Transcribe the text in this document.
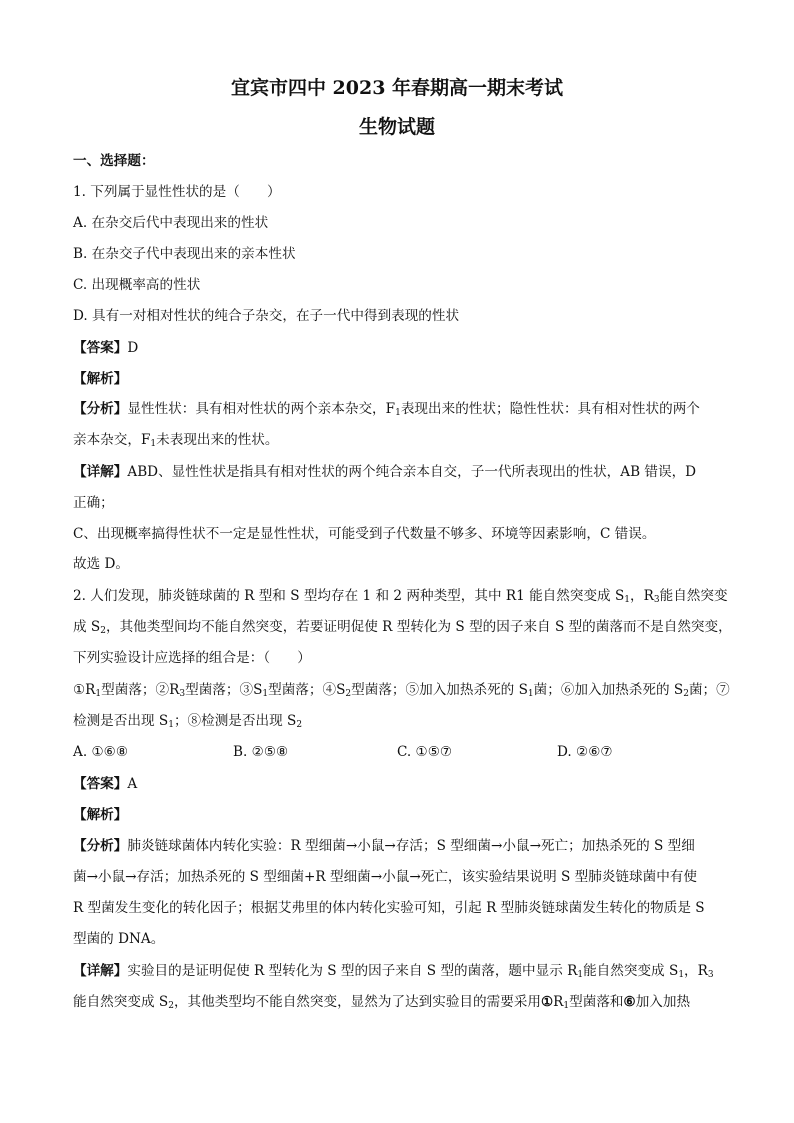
宜宾市四中 2023 年春期高一期末考试
生物试题
一、选择题：
1. 下列属于显性性状的是（　　）
A. 在杂交后代中表现出来的性状
B. 在杂交子代中表现出来的亲本性状
C. 出现概率高的性状
D. 具有一对相对性状的纯合子杂交，在子一代中得到表现的性状
【答案】D
【解析】
【分析】显性性状：具有相对性状的两个亲本杂交，$F_1$表现出来的性状；隐性性状：具有相对性状的两个
亲本杂交，$F_1$未表现出来的性状。
【详解】ABD、显性性状是指具有相对性状的两个纯合亲本自交，子一代所表现出的性状，AB 错误，D
正确；
C、出现概率搞得性状不一定是显性性状，可能受到子代数量不够多、环境等因素影响，C 错误。
故选 D。
2. 人们发现，肺炎链球菌的 R 型和 S 型均存在 1 和 2 两种类型，其中 R1 能自然突变成 $S_1$，$R_3$能自然突变
成 $S_2$，其他类型间均不能自然突变，若要证明促使 R 型转化为 S 型的因子来自 S 型的菌落而不是自然突变，
下列实验设计应选择的组合是：（　　）
$①R_1$型菌落；$②R_3$型菌落；$③S_1$型菌落；$④S_2$型菌落；⑤加入加热杀死的 $S_1$菌；⑥加入加热杀死的 $S_2$菌；⑦
检测是否出现 $S_1$；⑧检测是否出现 $S_2$
A. ①⑥⑧	B. ②⑤⑧	C. ①⑤⑦	D. ②⑥⑦
【答案】A
【解析】
【分析】肺炎链球菌体内转化实验：R 型细菌→小鼠→存活；S 型细菌→小鼠→死亡；加热杀死的 S 型细
菌→小鼠→存活；加热杀死的 S 型细菌+R 型细菌→小鼠→死亡，该实验结果说明 S 型肺炎链球菌中有使
R 型菌发生变化的转化因子；根据艾弗里的体内转化实验可知，引起 R 型肺炎链球菌发生转化的物质是 S
型菌的 DNA。
【详解】实验目的是证明促使 R 型转化为 S 型的因子来自 S 型的菌落，题中显示 $R_1$能自然突变成 $S_1$，$R_3$
能自然突变成 $S_2$，其他类型均不能自然突变，显然为了达到实验目的需要采用$①R_1$型菌落和⑥加入加热
